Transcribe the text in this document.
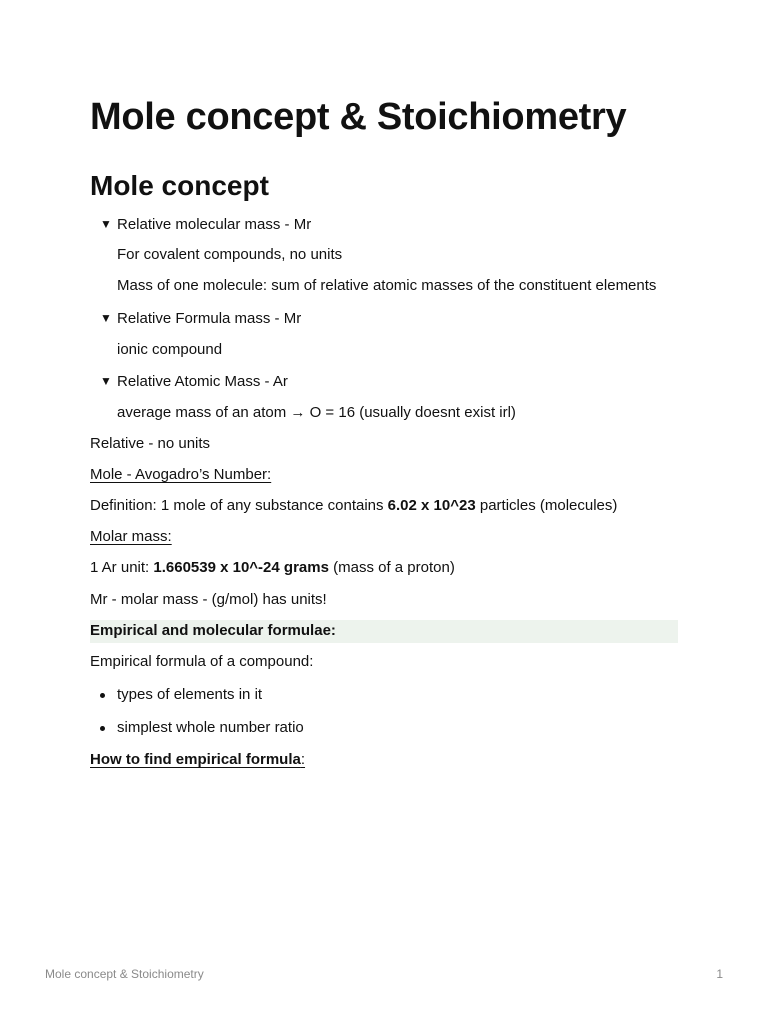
Mole concept & Stoichiometry
Mole concept
▼ Relative molecular mass - Mr
For covalent compounds, no units
Mass of one molecule: sum of relative atomic masses of the constituent elements
▼ Relative Formula mass - Mr
ionic compound
▼ Relative Atomic Mass - Ar
average mass of an atom → O = 16 (usually doesnt exist irl)
Relative - no units
Mole - Avogadro’s Number:
Definition: 1 mole of any substance contains 6.02 x 10^23 particles (molecules)
Molar mass:
1 Ar unit: 1.660539 x 10^-24 grams (mass of a proton)
Mr - molar mass - (g/mol) has units!
Empirical and molecular formulae:
Empirical formula of a compound:
types of elements in it
simplest whole number ratio
How to find empirical formula:
Mole concept & Stoichiometry	1
